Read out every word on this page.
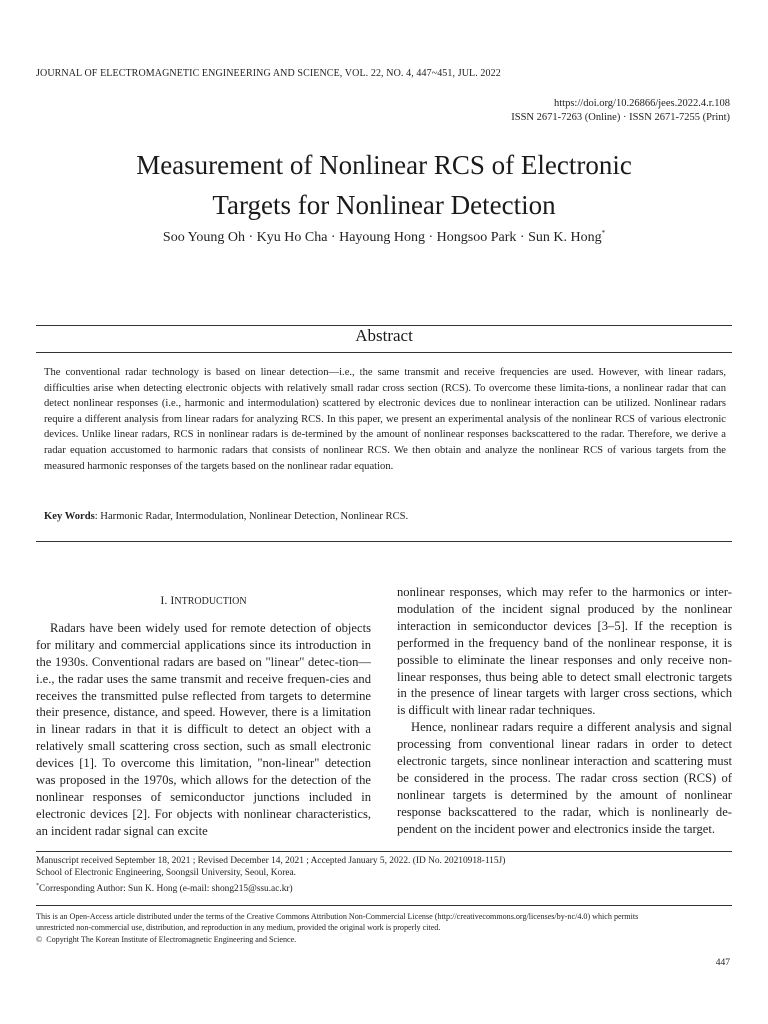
JOURNAL OF ELECTROMAGNETIC ENGINEERING AND SCIENCE, VOL. 22, NO. 4, 447~451, JUL. 2022
https://doi.org/10.26866/jees.2022.4.r.108
ISSN 2671-7263 (Online) · ISSN 2671-7255 (Print)
Measurement of Nonlinear RCS of Electronic
Targets for Nonlinear Detection
Soo Young Oh · Kyu Ho Cha · Hayoung Hong · Hongsoo Park · Sun K. Hong*
Abstract

The conventional radar technology is based on linear detection—i.e., the same transmit and receive frequencies are used. However, with linear radars, difficulties arise when detecting electronic objects with relatively small radar cross section (RCS). To overcome these limita-tions, a nonlinear radar that can detect nonlinear responses (i.e., harmonic and intermodulation) scattered by electronic devices due to nonlinear interaction can be utilized. Nonlinear radars require a different analysis from linear radars for analyzing RCS. In this paper, we present an experimental analysis of the nonlinear RCS of various electronic devices. Unlike linear radars, RCS in nonlinear radars is de-termined by the amount of nonlinear responses backscattered to the radar. Therefore, we derive a radar equation accustomed to harmonic radars that consists of nonlinear RCS. We then obtain and analyze the nonlinear RCS of various targets from the measured harmonic responses of the targets based on the nonlinear radar equation.

Key Words: Harmonic Radar, Intermodulation, Nonlinear Detection, Nonlinear RCS.
I. INTRODUCTION

Radars have been widely used for remote detection of objects for military and commercial applications since its introduction in the 1930s. Conventional radars are based on "linear" detec-tion—i.e., the radar uses the same transmit and receive frequen-cies and receives the transmitted pulse reflected from targets to determine their presence, distance, and speed. However, there is a limitation in linear radars in that it is difficult to detect an object with a relatively small scattering cross section, such as small electronic devices [1]. To overcome this limitation, "non-linear" detection was proposed in the 1970s, which allows for the detection of the nonlinear responses of semiconductor junctions included in electronic devices [2]. For objects with nonlinear characteristics, an incident radar signal can excite

nonlinear responses, which may refer to the harmonics or inter-modulation of the incident signal produced by the nonlinear interaction in semiconductor devices [3–5]. If the reception is performed in the frequency band of the nonlinear response, it is possible to eliminate the linear responses and only receive non-linear responses, thus being able to detect small electronic targets in the presence of linear targets with larger cross sections, which is difficult with linear radar techniques.

Hence, nonlinear radars require a different analysis and signal processing from conventional linear radars in order to detect electronic targets, since nonlinear interaction and scattering must be considered in the process. The radar cross section (RCS) of nonlinear targets is determined by the amount of nonlinear response backscattered to the radar, which is nonlinearly de-pendent on the incident power and electronics inside the target.

Manuscript received September 18, 2021 ; Revised December 14, 2021 ; Accepted January 5, 2022. (ID No. 20210918-115J)
School of Electronic Engineering, Soongsil University, Seoul, Korea.
*Corresponding Author: Sun K. Hong (e-mail: shong215@ssu.ac.kr)
This is an Open-Access article distributed under the terms of the Creative Commons Attribution Non-Commercial License (http://creativecommons.org/licenses/by-nc/4.0) which permits
unrestricted non-commercial use, distribution, and reproduction in any medium, provided the original work is properly cited.
© Copyright The Korean Institute of Electromagnetic Engineering and Science.
447
